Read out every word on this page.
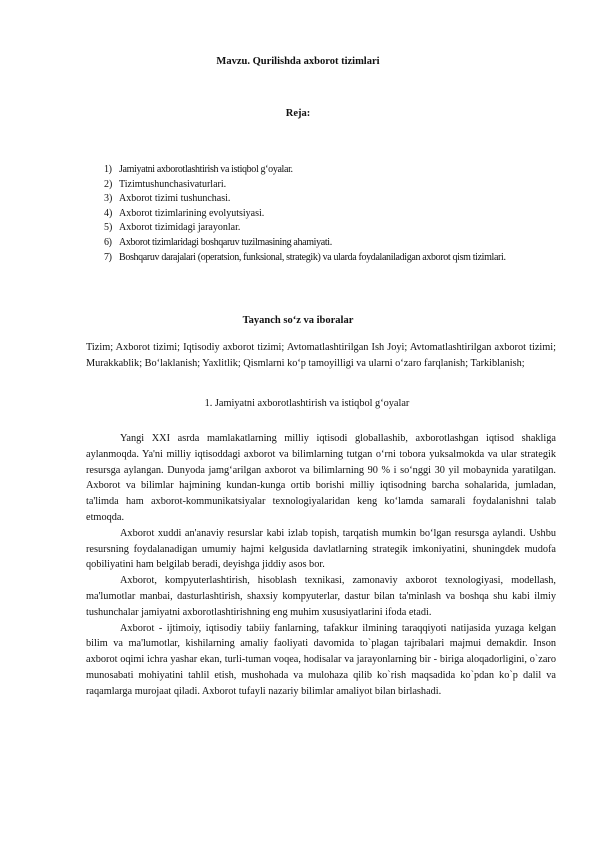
Mavzu. Qurilishda axborot tizimlari
Reja:
1) Jamiyatni axborotlashtirish va istiqbol g‘oyalar.
2) Tizimtushunchasivaturlari.
3) Axborot tizimi tushunchasi.
4) Axborot tizimlarining evolyutsiyasi.
5) Axborot tizimidagi jarayonlar.
6) Axborot tizimlaridagi boshqaruv tuzilmasining ahamiyati.
7) Boshqaruv darajalari (operatsion, funksional, strategik) va ularda foydalaniladigan axborot qism tizimlari.
Tayanch so‘z va iboralar

Tizim; Axborot tizimi; Iqtisodiy axborot tizimi; Avtomatlashtirilgan Ish Joyi; Avtomatlashtirilgan axborot tizimi; Murakkablik; Bo‘laklanish; Yaxlitlik; Qismlarni ko‘p tamoyilligi va ularni o‘zaro farqlanish; Tarkiblanish;

1. Jamiyatni axborotlashtirish va istiqbol g‘oyalar

Yangi XXI asrda mamlakatlarning milliy iqtisodi globallashib, axborotlashgan iqtisod shakliga aylanmoqda. Ya'ni milliy iqtisoddagi axborot va bilimlarning tutgan o‘rni tobora yuksalmokda va ular strategik resursga aylangan. Dunyoda jamg‘arilgan axborot va bilimlarning 90 % i so‘nggi 30 yil mobaynida yaratilgan. Axborot va bilimlar hajmining kundan-kunga ortib borishi milliy iqtisodning barcha sohalarida, jumladan, ta'limda ham axborot-kommunikatsiyalar texnologiyalaridan keng ko‘lamda samarali foydalanishni talab etmoqda.

Axborot xuddi an'anaviy resurslar kabi izlab topish, tarqatish mumkin bo‘lgan resursga aylandi. Ushbu resursning foydalanadigan umumiy hajmi kelgusida davlatlarning strategik imkoniyatini, shuningdek mudofa qobiliyatini ham belgilab beradi, deyishga jiddiy asos bor.

Axborot, kompyuterlashtirish, hisoblash texnikasi, zamonaviy axborot texnologiyasi, modellash, ma'lumotlar manbai, dasturlashtirish, shaxsiy kompyuterlar, dastur bilan ta'minlash va boshqa shu kabi ilmiy tushunchalar jamiyatni axborotlashtirishning eng muhim xususiyatlarini ifoda etadi.

Axborot - ijtimoiy, iqtisodiy tabiiy fanlarning, tafakkur ilmining taraqqiyoti natijasida yuzaga kelgan bilim va ma'lumotlar, kishilarning amaliy faoliyati davomida to`plagan tajribalari majmui demakdir. Inson axborot oqimi ichra yashar ekan, turli-tuman voqea, hodisalar va jarayonlarning bir - biriga aloqadorligini, o`zaro munosabati mohiyatini tahlil etish, mushohada va mulohaza qilib ko`rish maqsadida ko`pdan ko`p dalil va raqamlarga murojaat qiladi. Axborot tufayli nazariy bilimlar amaliyot bilan birlashadi.
